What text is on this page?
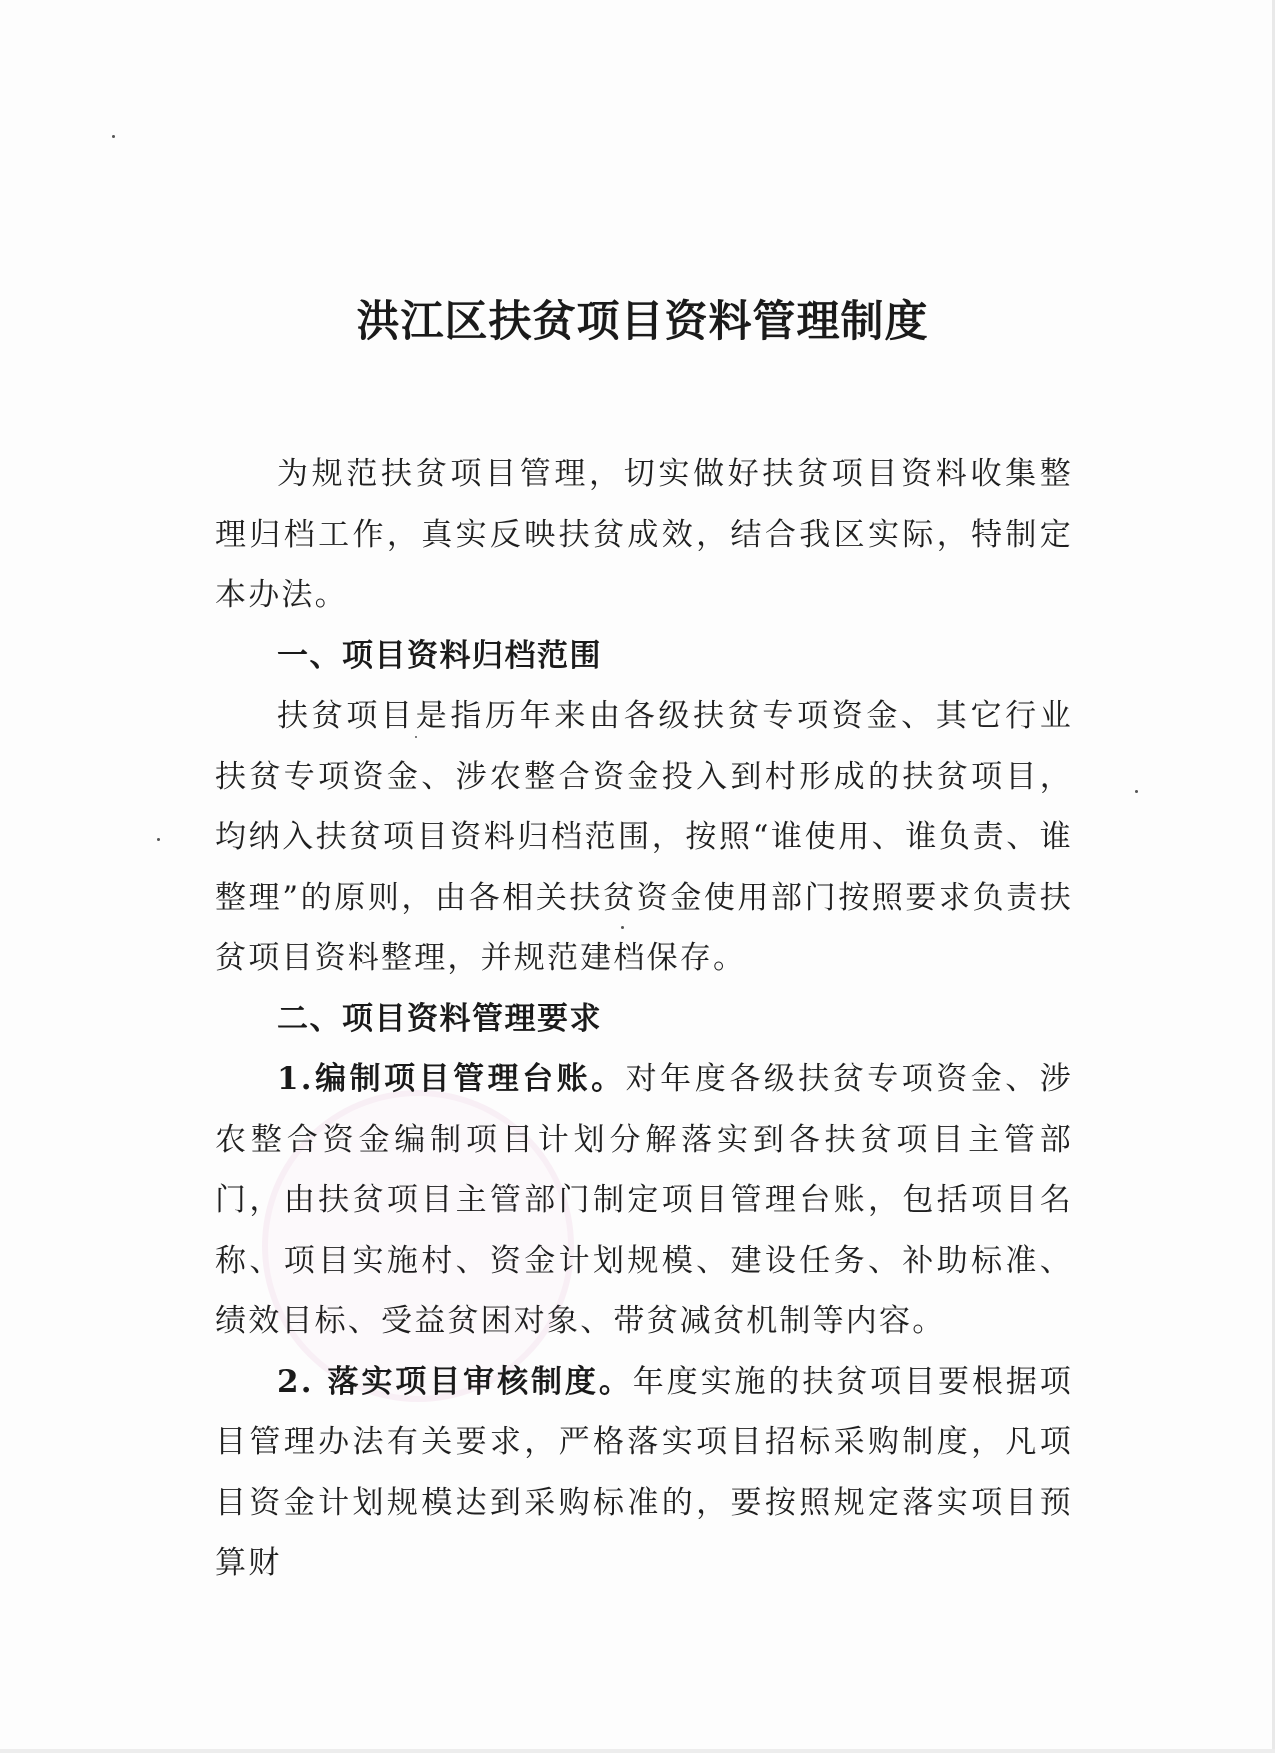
洪江区扶贫项目资料管理制度

为规范扶贫项目管理，切实做好扶贫项目资料收集整理归档工作，真实反映扶贫成效，结合我区实际，特制定本办法。

一、项目资料归档范围

扶贫项目是指历年来由各级扶贫专项资金、其它行业扶贫专项资金、涉农整合资金投入到村形成的扶贫项目，均纳入扶贫项目资料归档范围，按照“谁使用、谁负责、谁整理”的原则，由各相关扶贫资金使用部门按照要求负责扶贫项目资料整理，并规范建档保存。

二、项目资料管理要求

1.编制项目管理台账。对年度各级扶贫专项资金、涉农整合资金编制项目计划分解落实到各扶贫项目主管部门，由扶贫项目主管部门制定项目管理台账，包括项目名称、项目实施村、资金计划规模、建设任务、补助标准、绩效目标、受益贫困对象、带贫减贫机制等内容。

2. 落实项目审核制度。年度实施的扶贫项目要根据项目管理办法有关要求，严格落实项目招标采购制度，凡项目资金计划规模达到采购标准的，要按照规定落实项目预算财
